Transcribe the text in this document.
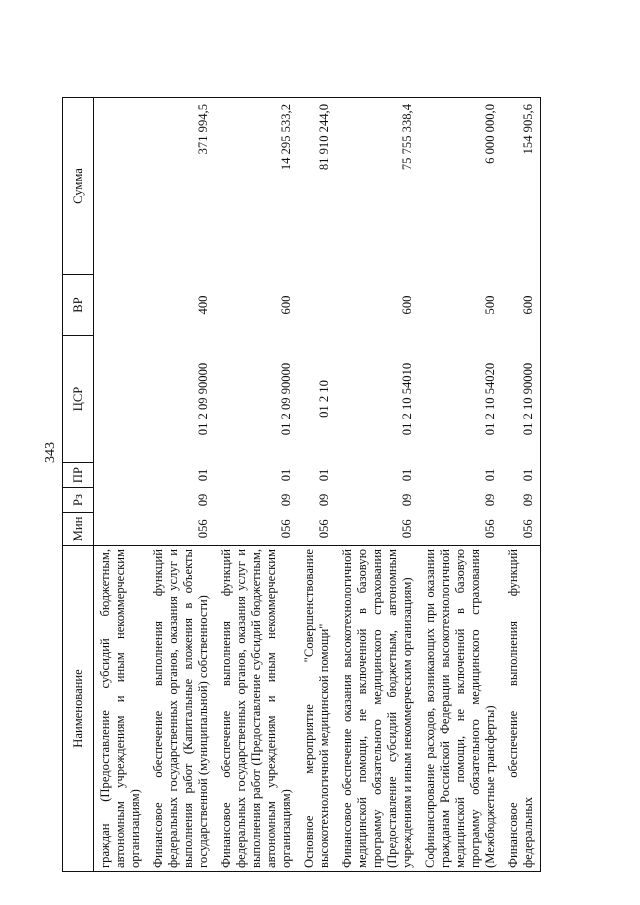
343
Наименование	Мин	Рз	ПР	ЦСР	ВР	Сумма
граждан (Предоставление субсидий бюджетным, автономным учреждениям и иным некоммерческим организациям)						
Финансовое обеспечение выполнения функций федеральных государственных органов, оказания услуг и выполнения работ (Капитальные вложения в объекты государственной (муниципальной) собственности)	056	09	01	01 2 09 90000	400	371 994,5
Финансовое обеспечение выполнения функций федеральных государственных органов, оказания услуг и выполнения работ (Предоставление субсидий бюджетным, автономным учреждениям и иным некоммерческим организациям)	056	09	01	01 2 09 90000	600	14 295 533,2
Основное мероприятие "Совершенствование высокотехнологичной медицинской помощи"	056	09	01	01 2 10		81 910 244,0
Финансовое обеспечение оказания высокотехнологичной медицинской помощи, не включенной в базовую программу обязательного медицинского страхования (Предоставление субсидий бюджетным, автономным учреждениям и иным некоммерческим организациям)	056	09	01	01 2 10 54010	600	75 755 338,4
Софинансирование расходов, возникающих при оказании гражданам Российской Федерации высокотехнологичной медицинской помощи, не включенной в базовую программу обязательного медицинского страхования (Межбюджетные трансферты)	056	09	01	01 2 10 54020	500	6 000 000,0
Финансовое обеспечение выполнения функций федеральных	056	09	01	01 2 10 90000	600	154 905,6
